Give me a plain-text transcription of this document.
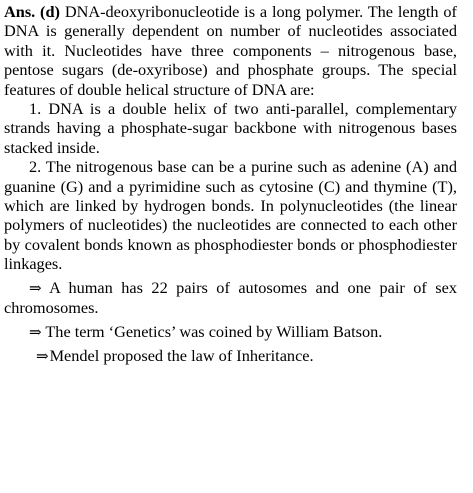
Ans. (d) DNA-deoxyribonucleotide is a long polymer. The length of DNA is generally dependent on number of nucleotides associated with it. Nucleotides have three components – nitrogenous base, pentose sugars (de-oxyribose) and phosphate groups. The special features of double helical structure of DNA are:

1. DNA is a double helix of two anti-parallel, complementary strands having a phosphate-sugar backbone with nitrogenous bases stacked inside.

2. The nitrogenous base can be a purine such as adenine (A) and guanine (G) and a pyrimidine such as cytosine (C) and thymine (T), which are linked by hydrogen bonds. In polynucleotides (the linear polymers of nucleotides) the nucleotides are connected to each other by covalent bonds known as phosphodiester bonds or phosphodiester linkages.

⇒ A human has 22 pairs of autosomes and one pair of sex chromosomes.

⇒ The term ‘Genetics’ was coined by William Batson.

⇒Mendel proposed the law of Inheritance.
